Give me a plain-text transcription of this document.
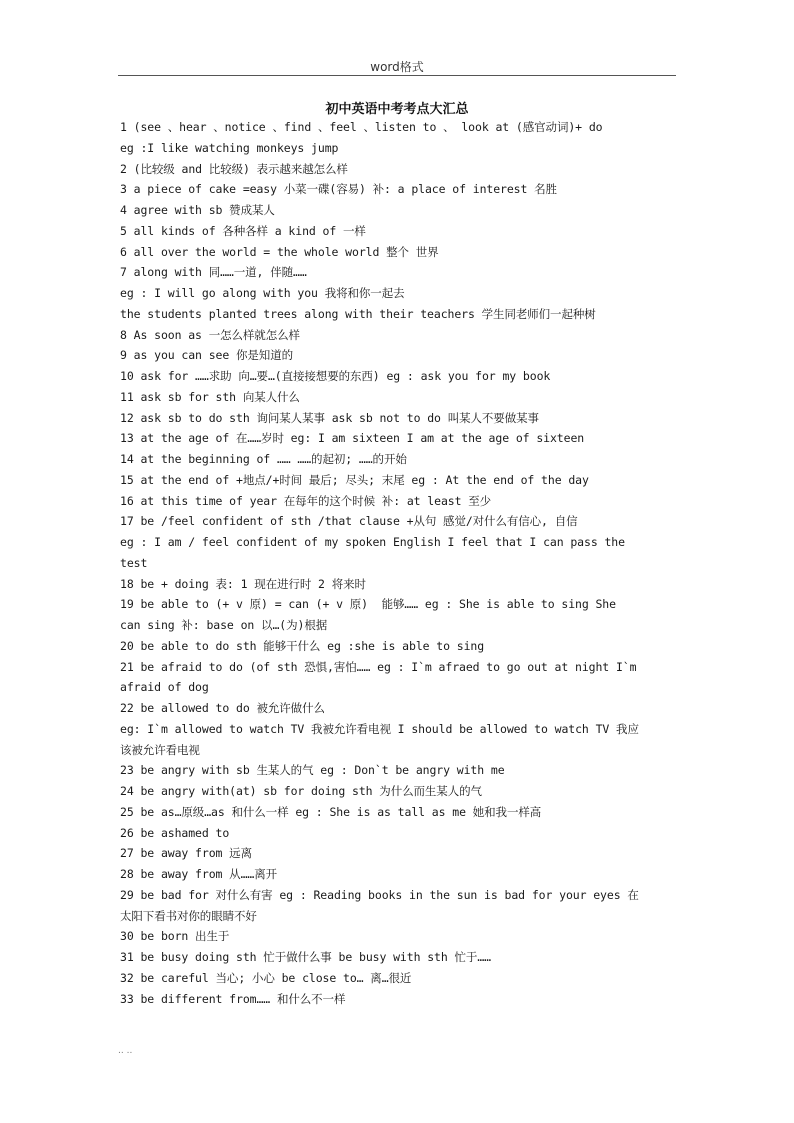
word格式
初中英语中考考点大汇总
1 (see 、hear 、notice 、find 、feel 、listen to 、 look at (感官动词)+ do
eg :I like watching monkeys jump
2 (比较级 and 比较级) 表示越来越怎么样
3 a piece of cake =easy 小菜一碟(容易) 补: a place of interest 名胜
4 agree with sb 赞成某人
5 all kinds of 各种各样 a kind of 一样
6 all over the world = the whole world 整个 世界
7 along with 同……一道, 伴随……
eg : I will go along with you 我将和你一起去
the students planted trees along with their teachers 学生同老师们一起种树
8 As soon as 一怎么样就怎么样
9 as you can see 你是知道的
10 ask for ……求助 向…要…(直接接想要的东西) eg : ask you for my book
11 ask sb for sth 向某人什么
12 ask sb to do sth 询问某人某事 ask sb not to do 叫某人不要做某事
13 at the age of 在……岁时 eg: I am sixteen I am at the age of sixteen
14 at the beginning of …… ……的起初; ……的开始
15 at the end of +地点/+时间 最后; 尽头; 末尾 eg : At the end of the day
16 at this time of year 在每年的这个时候 补: at least 至少
17 be /feel confident of sth /that clause +从句 感觉/对什么有信心, 自信
eg : I am / feel confident of my spoken English I feel that I can pass the
test
18 be + doing 表: 1 现在进行时 2 将来时
19 be able to (+ v 原) = can (+ v 原)  能够…… eg : She is able to sing She
can sing 补: base on 以…(为)根据
20 be able to do sth 能够干什么 eg :she is able to sing
21 be afraid to do (of sth 恐惧,害怕…… eg : I`m afraed to go out at night I`m
afraid of dog
22 be allowed to do 被允许做什么
eg: I`m allowed to watch TV 我被允许看电视 I should be allowed to watch TV 我应
该被允许看电视
23 be angry with sb 生某人的气 eg : Don`t be angry with me
24 be angry with(at) sb for doing sth 为什么而生某人的气
25 be as…原级…as 和什么一样 eg : She is as tall as me 她和我一样高
26 be ashamed to
27 be away from 远离
28 be away from 从……离开
29 be bad for 对什么有害 eg : Reading books in the sun is bad for your eyes 在
太阳下看书对你的眼睛不好
30 be born 出生于
31 be busy doing sth 忙于做什么事 be busy with sth 忙于……
32 be careful 当心; 小心 be close to… 离…很近
33 be different from…… 和什么不一样
.. ..
